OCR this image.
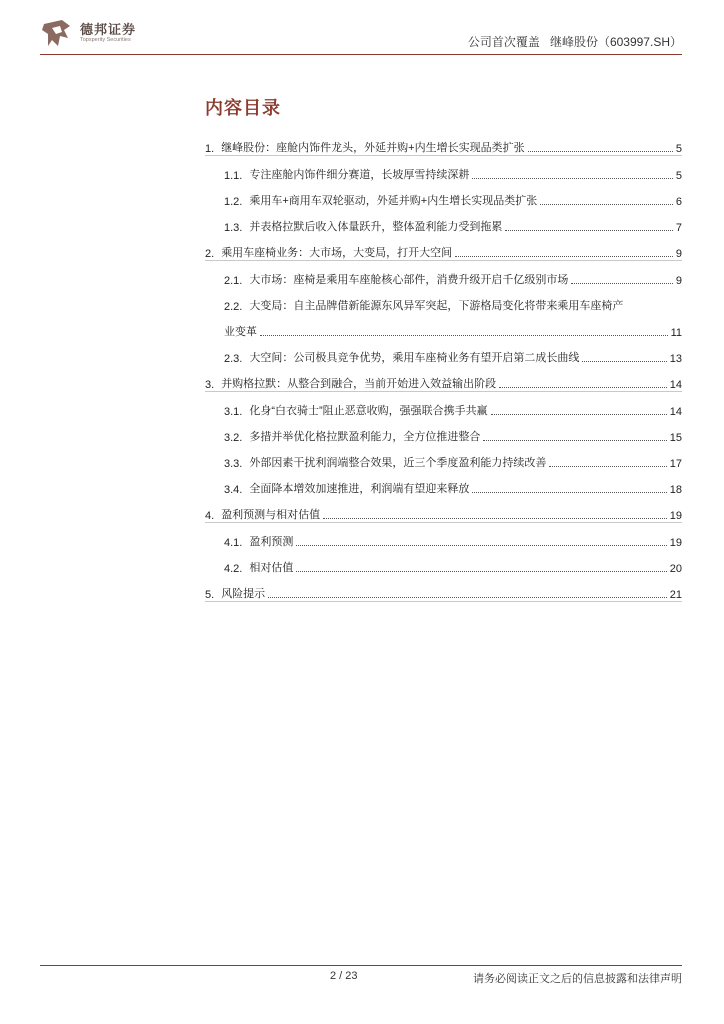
德邦证券
Topsperity Securities	公司首次覆盖 继峰股份（603997.SH）
内容目录
1. 继峰股份：座舱内饰件龙头，外延并购+内生增长实现品类扩张	5
1.1. 专注座舱内饰件细分赛道，长坡厚雪持续深耕	5
1.2. 乘用车+商用车双轮驱动，外延并购+内生增长实现品类扩张	6
1.3. 并表格拉默后收入体量跃升，整体盈利能力受到拖累	7
2. 乘用车座椅业务：大市场，大变局，打开大空间	9
2.1. 大市场：座椅是乘用车座舱核心部件，消费升级开启千亿级别市场	9
2.2. 大变局：自主品牌借新能源东风异军突起，下游格局变化将带来乘用车座椅产
业变革	11
2.3. 大空间：公司极具竞争优势，乘用车座椅业务有望开启第二成长曲线	13
3. 并购格拉默：从整合到融合，当前开始进入效益输出阶段	14
3.1. 化身“白衣骑士”阻止恶意收购，强强联合携手共赢	14
3.2. 多措并举优化格拉默盈利能力，全方位推进整合	15
3.3. 外部因素干扰利润端整合效果，近三个季度盈利能力持续改善	17
3.4. 全面降本增效加速推进，利润端有望迎来释放	18
4. 盈利预测与相对估值	19
4.1. 盈利预测	19
4.2. 相对估值	20
5. 风险提示	21
2 / 23	请务必阅读正文之后的信息披露和法律声明
